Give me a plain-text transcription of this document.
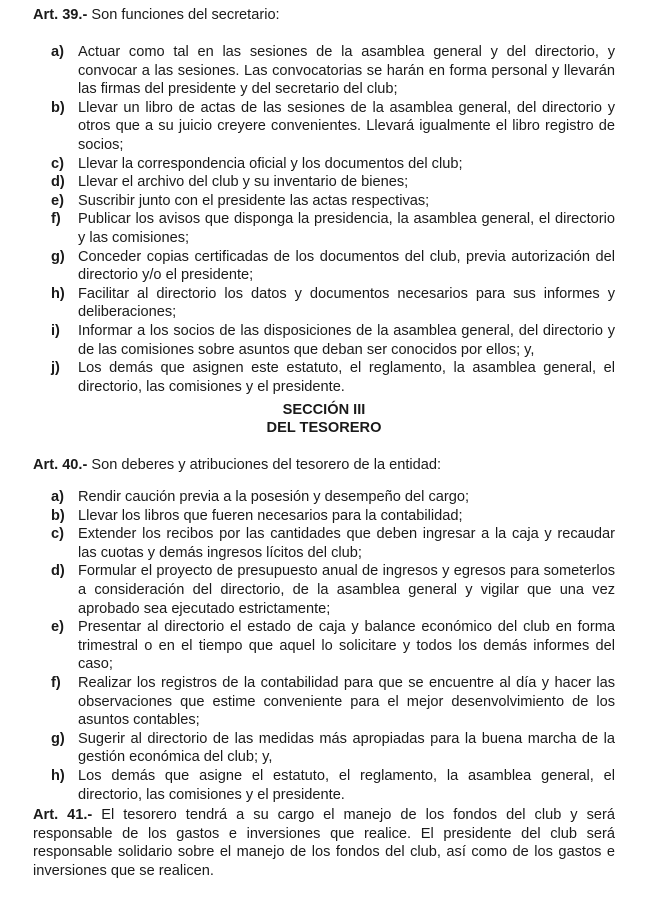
Art. 39.- Son funciones del secretario:
a) Actuar como tal en las sesiones de la asamblea general y del directorio, y convocar a las sesiones. Las convocatorias se harán en forma personal y llevarán las firmas del presidente y del secretario del club;
b) Llevar un libro de actas de las sesiones de la asamblea general, del directorio y otros que a su juicio creyere convenientes. Llevará igualmente el libro registro de socios;
c) Llevar la correspondencia oficial y los documentos del club;
d) Llevar el archivo del club y su inventario de bienes;
e) Suscribir junto con el presidente las actas respectivas;
f)	Publicar los avisos que disponga la presidencia, la asamblea general, el directorio y las comisiones;
g) Conceder copias certificadas de los documentos del club, previa autorización del directorio y/o el presidente;
h) Facilitar al directorio los datos y documentos necesarios para sus informes y deliberaciones;
i)	Informar a los socios de las disposiciones de la asamblea general, del directorio y de las comisiones sobre asuntos que deban ser conocidos por ellos; y,
j)	Los demás que asignen este estatuto, el reglamento, la asamblea general, el directorio, las comisiones y el presidente.
SECCIÓN III
DEL TESORERO
Art. 40.- Son deberes y atribuciones del tesorero de la entidad:
a) Rendir caución previa a la posesión y desempeño del cargo;
b) Llevar los libros que fueren necesarios para la contabilidad;
c) Extender los recibos por las cantidades que deben ingresar a la caja y recaudar las cuotas y demás ingresos lícitos del club;
d) Formular el proyecto de presupuesto anual de ingresos y egresos para someterlos a consideración del directorio, de la asamblea general y vigilar que una vez aprobado sea ejecutado estrictamente;
e) Presentar al directorio el estado de caja y balance económico del club en forma trimestral o en el tiempo que aquel lo solicitare y todos los demás informes del caso;
f)	Realizar los registros de la contabilidad para que se encuentre al día y hacer las observaciones que estime conveniente para el mejor desenvolvimiento de los asuntos contables;
g) Sugerir al directorio de las medidas más apropiadas para la buena marcha de la gestión económica del club; y,
h) Los demás que asigne el estatuto, el reglamento, la asamblea general, el directorio, las comisiones y el presidente.
Art. 41.- El tesorero tendrá a su cargo el manejo de los fondos del club y será responsable de los gastos e inversiones que realice. El presidente del club será responsable solidario sobre el manejo de los fondos del club, así como de los gastos e inversiones que se realicen.
